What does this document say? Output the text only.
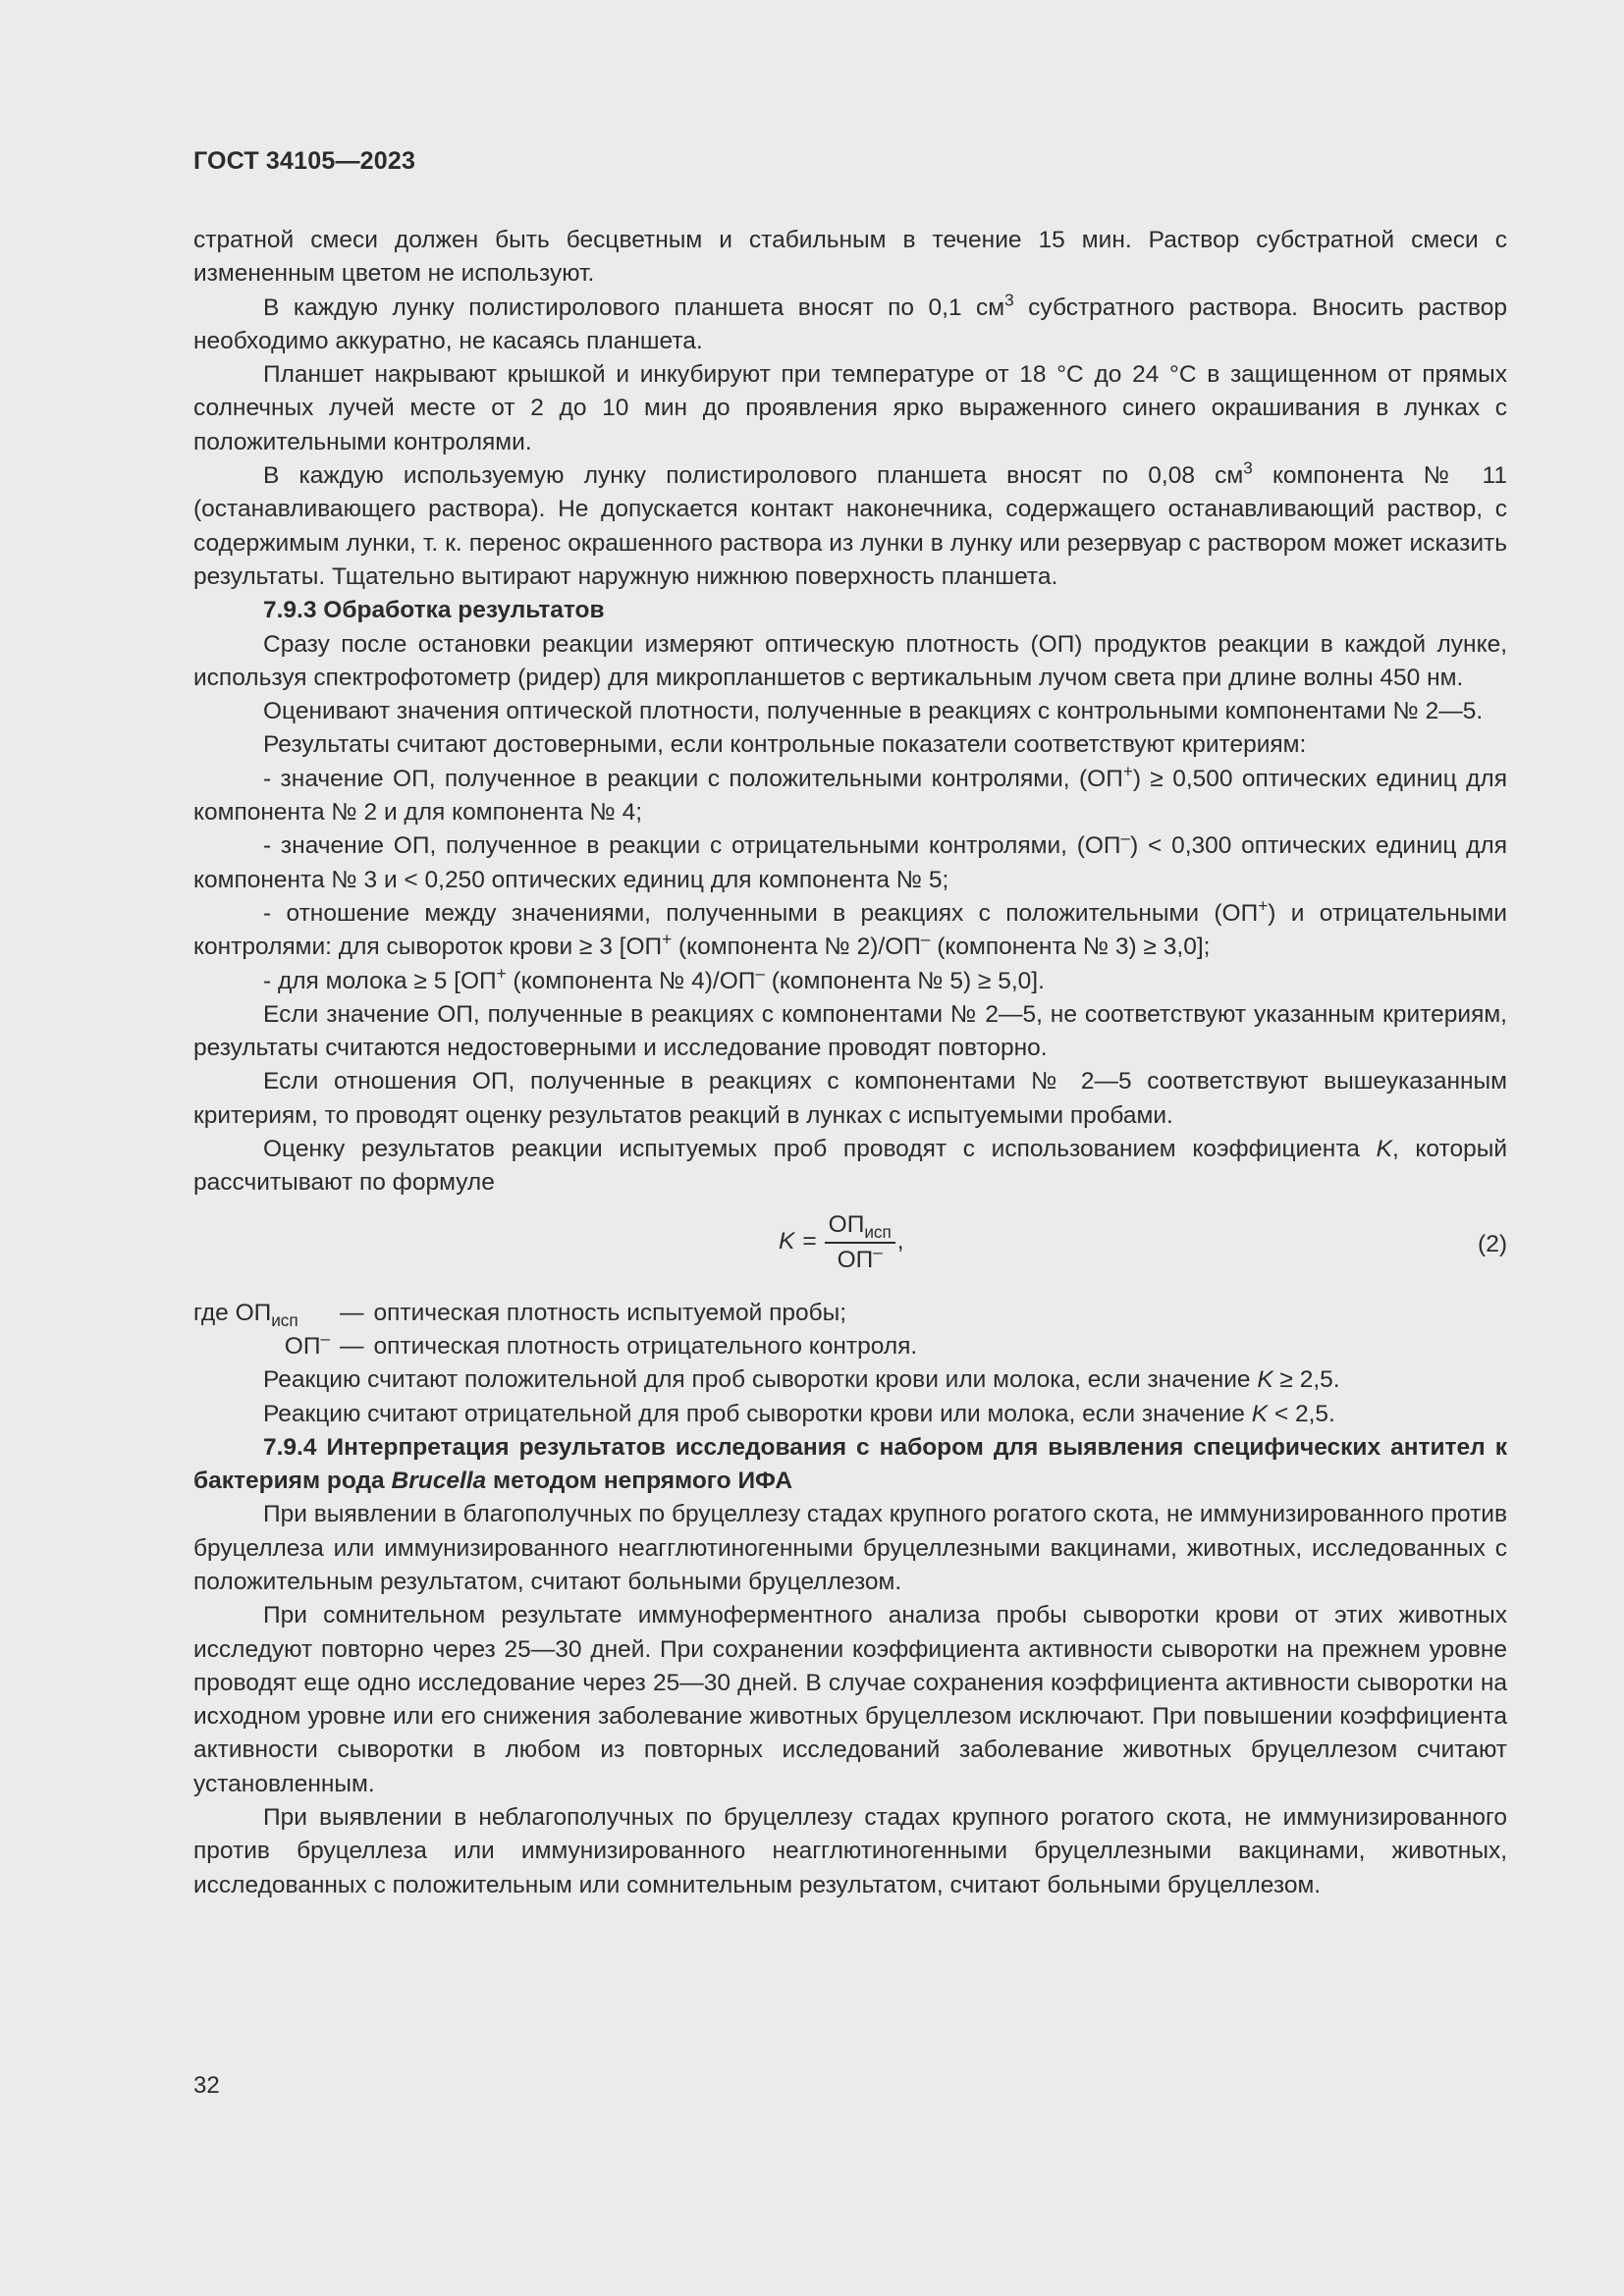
ГОСТ 34105—2023

стратной смеси должен быть бесцветным и стабильным в течение 15 мин. Раствор субстратной смеси с измененным цветом не используют.

В каждую лунку полистиролового планшета вносят по 0,1 $см^3$ субстратного раствора. Вносить раствор необходимо аккуратно, не касаясь планшета.

Планшет накрывают крышкой и инкубируют при температуре от 18 °С до 24 °С в защищенном от прямых солнечных лучей месте от 2 до 10 мин до проявления ярко выраженного синего окрашивания в лунках с положительными контролями.

В каждую используемую лунку полистиролового планшета вносят по 0,08 $см^3$ компонента № 11 (останавливающего раствора). Не допускается контакт наконечника, содержащего останавливающий раствор, с содержимым лунки, т. к. перенос окрашенного раствора из лунки в лунку или резервуар с раствором может исказить результаты. Тщательно вытирают наружную нижнюю поверхность планшета.

7.9.3 Обработка результатов

Сразу после остановки реакции измеряют оптическую плотность (ОП) продуктов реакции в каждой лунке, используя спектрофотометр (ридер) для микропланшетов с вертикальным лучом света при длине волны 450 нм.

Оценивают значения оптической плотности, полученные в реакциях с контрольными компонентами № 2—5.

Результаты считают достоверными, если контрольные показатели соответствуют критериям:

- значение ОП, полученное в реакции с положительными контролями, (ОП+) ≥ 0,500 оптических единиц для компонента № 2 и для компонента № 4;

- значение ОП, полученное в реакции с отрицательными контролями, (ОП–) < 0,300 оптических единиц для компонента № 3 и < 0,250 оптических единиц для компонента № 5;

- отношение между значениями, полученными в реакциях с положительными (ОП+) и отрицательными контролями: для сывороток крови ≥ 3 [ОП+ (компонента № 2)/ОП– (компонента № 3) ≥ 3,0];

- для молока ≥ 5 [ОП+ (компонента № 4)/ОП– (компонента № 5) ≥ 5,0].

Если значение ОП, полученные в реакциях с компонентами № 2—5, не соответствуют указанным критериям, результаты считаются недостоверными и исследование проводят повторно.

Если отношения ОП, полученные в реакциях с компонентами № 2—5 соответствуют вышеуказанным критериям, то проводят оценку результатов реакций в лунках с испытуемыми пробами.

Оценку результатов реакции испытуемых проб проводят с использованием коэффициента K, который рассчитывают по формуле

$K = \frac{ОП_{исп}}{ОП^-}$ ,	(2)
где $ОП_{исп}$	— оптическая плотность испытуемой пробы;
ОП– — оптическая плотность отрицательного контроля.

Реакцию считают положительной для проб сыворотки крови или молока, если значение K ≥ 2,5.

Реакцию считают отрицательной для проб сыворотки крови или молока, если значение K < 2,5.

7.9.4 Интерпретация результатов исследования с набором для выявления специфических антител к бактериям рода Brucella методом непрямого ИФА

При выявлении в благополучных по бруцеллезу стадах крупного рогатого скота, не иммунизированного против бруцеллеза или иммунизированного неагглютиногенными бруцеллезными вакцинами, животных, исследованных с положительным результатом, считают больными бруцеллезом.

При сомнительном результате иммуноферментного анализа пробы сыворотки крови от этих животных исследуют повторно через 25—30 дней. При сохранении коэффициента активности сыворотки на прежнем уровне проводят еще одно исследование через 25—30 дней. В случае сохранения коэффициента активности сыворотки на исходном уровне или его снижения заболевание животных бруцеллезом исключают. При повышении коэффициента активности сыворотки в любом из повторных исследований заболевание животных бруцеллезом считают установленным.

При выявлении в неблагополучных по бруцеллезу стадах крупного рогатого скота, не иммунизированного против бруцеллеза или иммунизированного неагглютиногенными бруцеллезными вакцинами, животных, исследованных с положительным или сомнительным результатом, считают больными бруцеллезом.

32
